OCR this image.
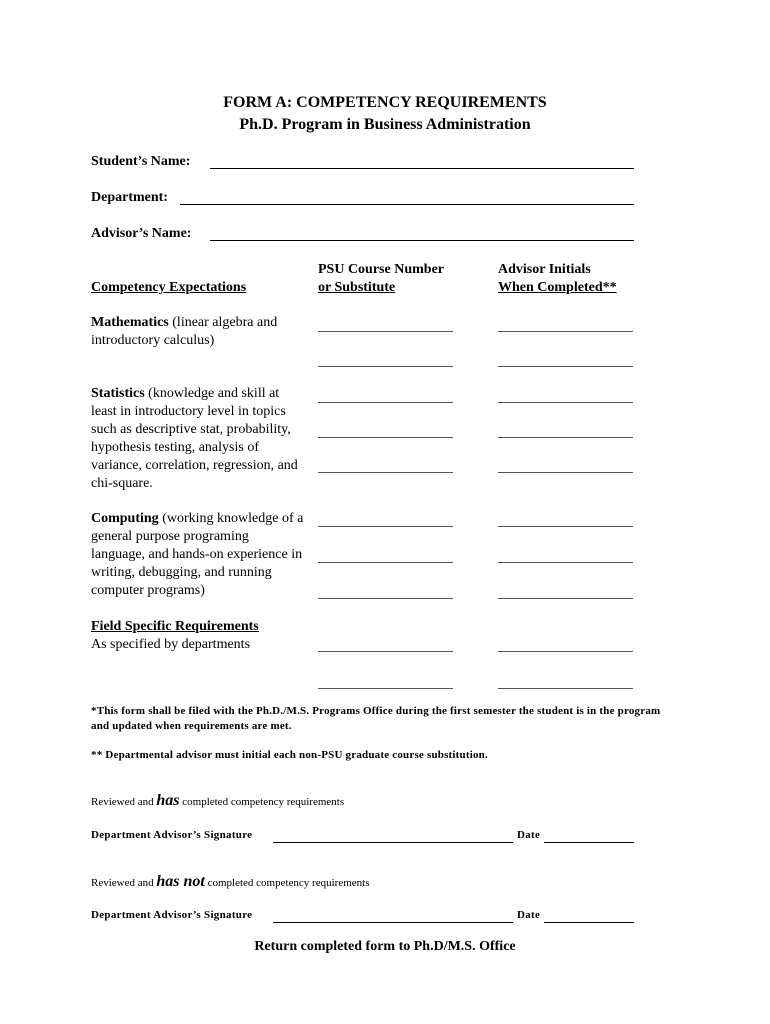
FORM A: COMPETENCY REQUIREMENTS
Ph.D. Program in Business Administration
Student’s Name:
Department:
Advisor’s Name:
Competency Expectations
PSU Course Number
or Substitute
Advisor Initials
When Completed**
Mathematics (linear algebra and introductory calculus)
Statistics (knowledge and skill at least in introductory level in topics such as descriptive stat, probability, hypothesis testing, analysis of variance, correlation, regression, and chi-square.
Computing (working knowledge of a general purpose programing language, and hands-on experience in writing, debugging, and running computer programs)
Field Specific Requirements
As specified by departments
*This form shall be filed with the Ph.D./M.S. Programs Office during the first semester the student is in the program and updated when requirements are met.
** Departmental advisor must initial each non-PSU graduate course substitution.
Reviewed and has completed competency requirements
Department Advisor’s Signature	Date
Reviewed and has not completed competency requirements
Department Advisor’s Signature	Date
Return completed form to Ph.D/M.S. Office
